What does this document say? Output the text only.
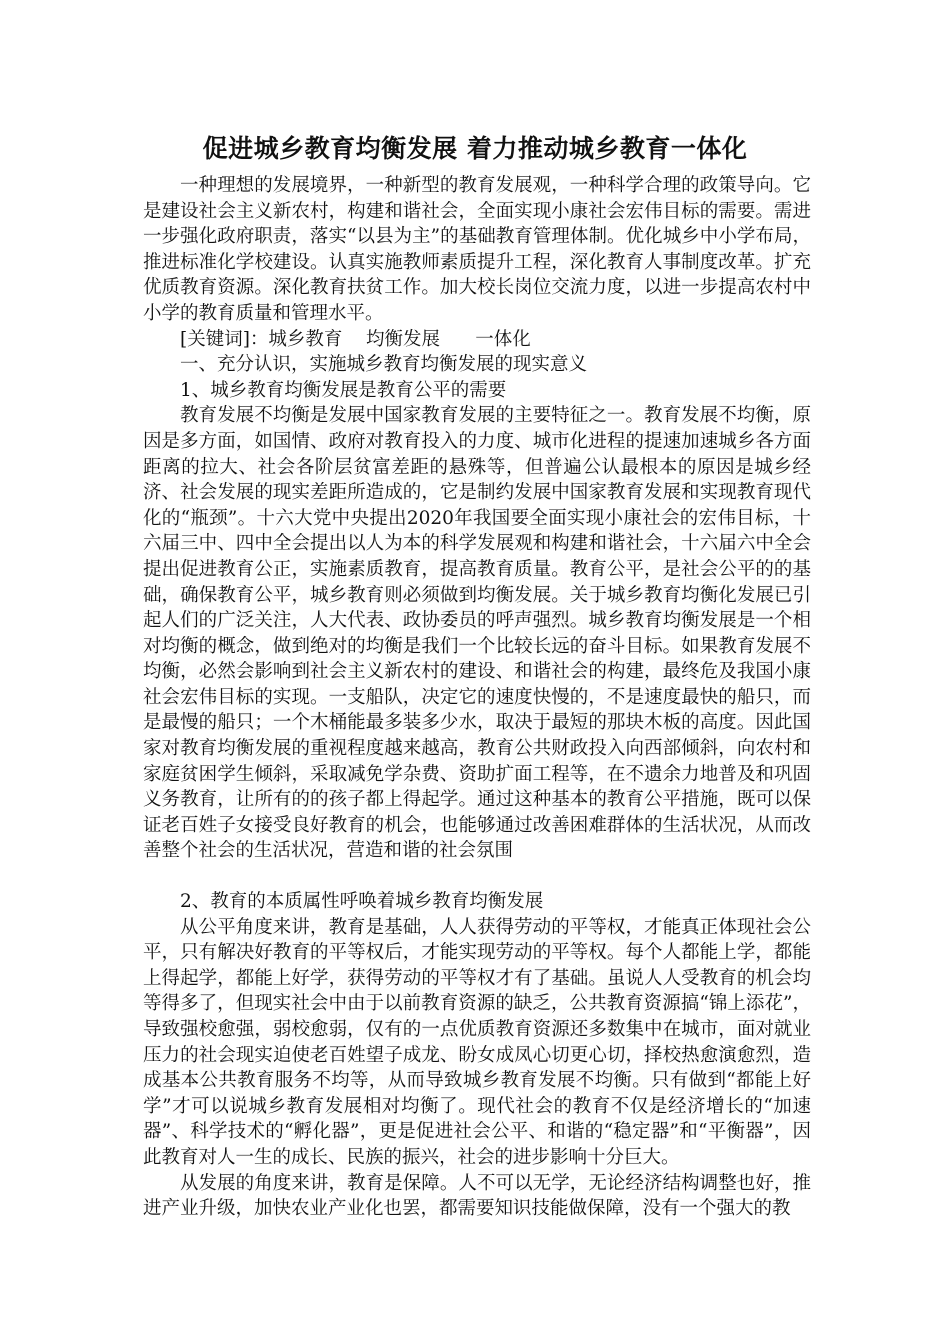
促进城乡教育均衡发展 着力推动城乡教育一体化

一种理想的发展境界，一种新型的教育发展观，一种科学合理的政策导向。它是建设社会主义新农村，构建和谐社会，全面实现小康社会宏伟目标的需要。需进一步强化政府职责，落实“以县为主”的基础教育管理体制。优化城乡中小学布局，推进标准化学校建设。认真实施教师素质提升工程，深化教育人事制度改革。扩充优质教育资源。深化教育扶贫工作。加大校长岗位交流力度，以进一步提高农村中小学的教育质量和管理水平。

[关键词]：城乡教育    均衡发展      一体化

一、充分认识，实施城乡教育均衡发展的现实意义

1、城乡教育均衡发展是教育公平的需要

教育发展不均衡是发展中国家教育发展的主要特征之一。教育发展不均衡，原因是多方面，如国情、政府对教育投入的力度、城市化进程的提速加速城乡各方面距离的拉大、社会各阶层贫富差距的悬殊等，但普遍公认最根本的原因是城乡经济、社会发展的现实差距所造成的，它是制约发展中国家教育发展和实现教育现代化的“瓶颈”。十六大党中央提出2020年我国要全面实现小康社会的宏伟目标，十六届三中、四中全会提出以人为本的科学发展观和构建和谐社会，十六届六中全会提出促进教育公正，实施素质教育，提高教育质量。教育公平，是社会公平的的基础，确保教育公平，城乡教育则必须做到均衡发展。关于城乡教育均衡化发展已引起人们的广泛关注，人大代表、政协委员的呼声强烈。城乡教育均衡发展是一个相对均衡的概念，做到绝对的均衡是我们一个比较长远的奋斗目标。如果教育发展不均衡，必然会影响到社会主义新农村的建设、和谐社会的构建，最终危及我国小康社会宏伟目标的实现。一支船队，决定它的速度快慢的，不是速度最快的船只，而是最慢的船只；一个木桶能最多装多少水，取决于最短的那块木板的高度。因此国家对教育均衡发展的重视程度越来越高，教育公共财政投入向西部倾斜，向农村和家庭贫困学生倾斜，采取减免学杂费、资助扩面工程等，在不遗余力地普及和巩固义务教育，让所有的的孩子都上得起学。通过这种基本的教育公平措施，既可以保证老百姓子女接受良好教育的机会，也能够通过改善困难群体的生活状况，从而改善整个社会的生活状况，营造和谐的社会氛围

2、教育的本质属性呼唤着城乡教育均衡发展

从公平角度来讲，教育是基础，人人获得劳动的平等权，才能真正体现社会公平，只有解决好教育的平等权后，才能实现劳动的平等权。每个人都能上学，都能上得起学，都能上好学，获得劳动的平等权才有了基础。虽说人人受教育的机会均等得多了，但现实社会中由于以前教育资源的缺乏，公共教育资源搞“锦上添花”，导致强校愈强，弱校愈弱，仅有的一点优质教育资源还多数集中在城市，面对就业压力的社会现实迫使老百姓望子成龙、盼女成凤心切更心切，择校热愈演愈烈，造成基本公共教育服务不均等，从而导致城乡教育发展不均衡。只有做到“都能上好学”才可以说城乡教育发展相对均衡了。现代社会的教育不仅是经济增长的“加速器”、科学技术的“孵化器”，更是促进社会公平、和谐的“稳定器”和“平衡器”，因此教育对人一生的成长、民族的振兴，社会的进步影响十分巨大。

从发展的角度来讲，教育是保障。人不可以无学，无论经济结构调整也好，推进产业升级，加快农业产业化也罢，都需要知识技能做保障，没有一个强大的教
